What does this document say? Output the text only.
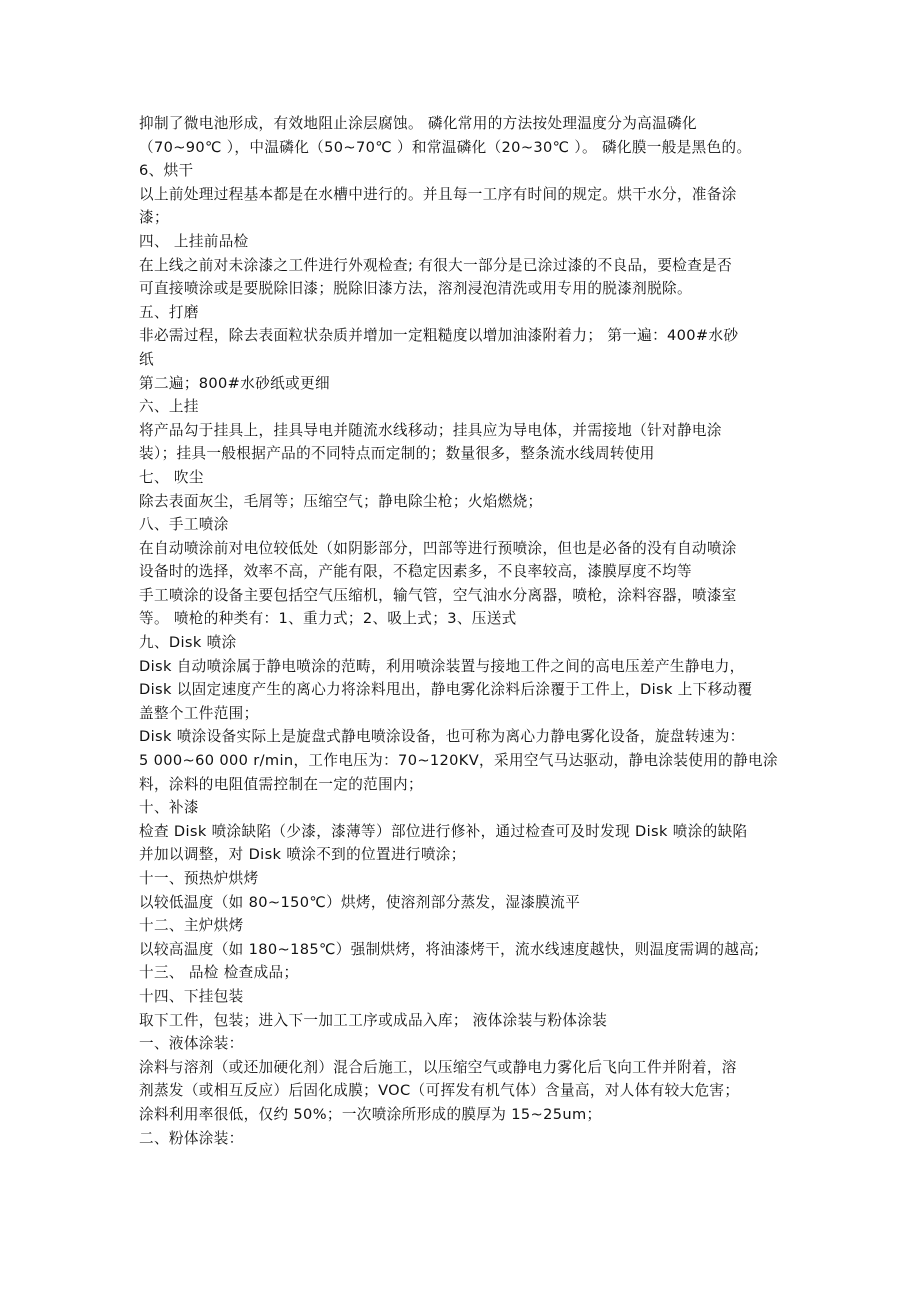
抑制了微电池形成，有效地阻止涂层腐蚀。 磷化常用的方法按处理温度分为高温磷化
（70~90℃ ），中温磷化（50~70℃ ）和常温磷化（20~30℃ ）。 磷化膜一般是黑色的。
6、烘干
以上前处理过程基本都是在水槽中进行的。并且每一工序有时间的规定。烘干水分，准备涂
漆；
四、 上挂前品检
在上线之前对未涂漆之工件进行外观检查; 有很大一部分是已涂过漆的不良品，要检查是否
可直接喷涂或是要脱除旧漆；脱除旧漆方法，溶剂浸泡清洗或用专用的脱漆剂脱除。
五、打磨
非必需过程，除去表面粒状杂质并增加一定粗糙度以增加油漆附着力； 第一遍：400#水砂
纸
第二遍；800#水砂纸或更细
六、上挂
将产品勾于挂具上，挂具导电并随流水线移动；挂具应为导电体，并需接地（针对静电涂
装）；挂具一般根据产品的不同特点而定制的；数量很多，整条流水线周转使用
七、 吹尘
除去表面灰尘，毛屑等；压缩空气；静电除尘枪；火焰燃烧；
八、手工喷涂
在自动喷涂前对电位较低处（如阴影部分，凹部等进行预喷涂，但也是必备的没有自动喷涂
设备时的选择，效率不高，产能有限，不稳定因素多，不良率较高，漆膜厚度不均等
手工喷涂的设备主要包括空气压缩机，输气管，空气油水分离器，喷枪，涂料容器，喷漆室
等。 喷枪的种类有：1、重力式；2、吸上式；3、压送式
九、Disk 喷涂
Disk 自动喷涂属于静电喷涂的范畴，利用喷涂装置与接地工件之间的高电压差产生静电力，
Disk 以固定速度产生的离心力将涂料甩出，静电雾化涂料后涂覆于工件上，Disk 上下移动覆
盖整个工件范围；
Disk 喷涂设备实际上是旋盘式静电喷涂设备，也可称为离心力静电雾化设备，旋盘转速为：
5 000~60 000 r/min，工作电压为：70~120KV，采用空气马达驱动，静电涂装使用的静电涂
料，涂料的电阻值需控制在一定的范围内；
十、补漆
检查 Disk 喷涂缺陷（少漆，漆薄等）部位进行修补，通过检查可及时发现 Disk 喷涂的缺陷
并加以调整，对 Disk 喷涂不到的位置进行喷涂；
十一、预热炉烘烤
以较低温度（如 80~150℃）烘烤，使溶剂部分蒸发，湿漆膜流平
十二、主炉烘烤
以较高温度（如 180~185℃）强制烘烤，将油漆烤干，流水线速度越快，则温度需调的越高;
十三、 品检 检查成品；
十四、下挂包装
取下工件，包装；进入下一加工工序或成品入库； 液体涂装与粉体涂装
一、液体涂装：
涂料与溶剂（或还加硬化剂）混合后施工，以压缩空气或静电力雾化后飞向工件并附着，溶
剂蒸发（或相互反应）后固化成膜；VOC（可挥发有机气体）含量高，对人体有较大危害；
涂料利用率很低，仅约 50%；一次喷涂所形成的膜厚为 15~25um；
二、粉体涂装：
